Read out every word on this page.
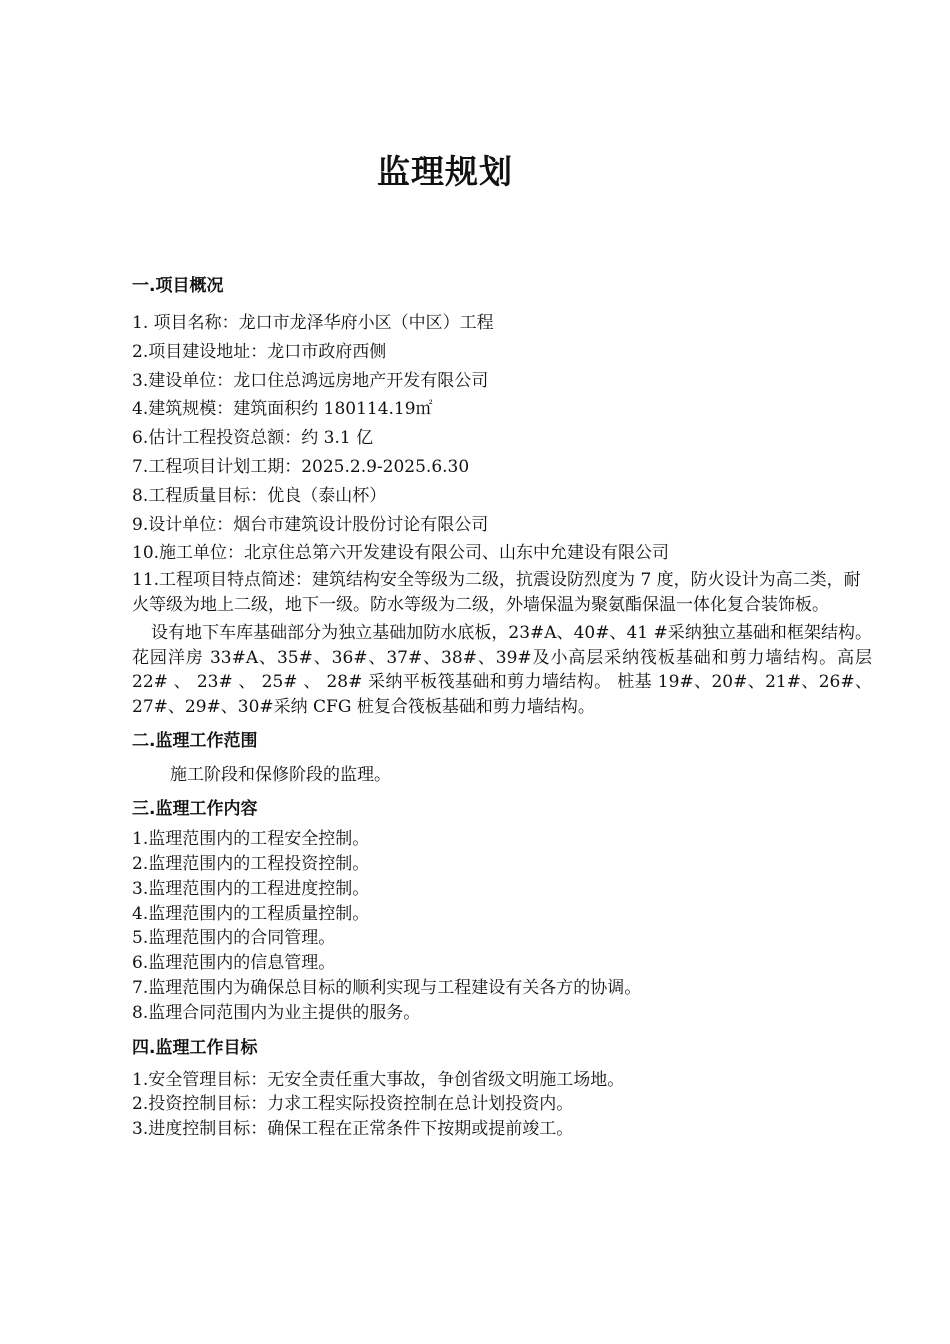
监理规划
一.项目概况

1. 项目名称：龙口市龙泽华府小区（中区）工程

2.项目建设地址：龙口市政府西侧

3.建设单位：龙口住总鸿远房地产开发有限公司

4.建筑规模：建筑面积约 180114.19㎡

6.估计工程投资总额：约 3.1 亿

7.工程项目计划工期：2025.2.9-2025.6.30

8.工程质量目标：优良（泰山杯）

9.设计单位：烟台市建筑设计股份讨论有限公司

10.施工单位：北京住总第六开发建设有限公司、山东中允建设有限公司

11.工程项目特点简述：建筑结构安全等级为二级，抗震设防烈度为 7 度，防火设计为高二类，耐火等级为地上二级，地下一级。防水等级为二级，外墙保温为聚氨酯保温一体化复合装饰板。

设有地下车库基础部分为独立基础加防水底板，23#A、40#、41 #采纳独立基础和框架结构。花园洋房 33#A、35#、36#、37#、38#、39#及小高层采纳筏板基础和剪力墙结构。高层 22# 、 23# 、 25# 、 28# 采纳平板筏基础和剪力墙结构。 桩基 19#、20#、21#、26#、27#、29#、30#采纳 CFG 桩复合筏板基础和剪力墙结构。

二.监理工作范围

施工阶段和保修阶段的监理。

三.监理工作内容

1.监理范围内的工程安全控制。

2.监理范围内的工程投资控制。

3.监理范围内的工程进度控制。

4.监理范围内的工程质量控制。

5.监理范围内的合同管理。

6.监理范围内的信息管理。

7.监理范围内为确保总目标的顺利实现与工程建设有关各方的协调。

8.监理合同范围内为业主提供的服务。

四.监理工作目标

1.安全管理目标：无安全责任重大事故，争创省级文明施工场地。

2.投资控制目标：力求工程实际投资控制在总计划投资内。

3.进度控制目标：确保工程在正常条件下按期或提前竣工。
